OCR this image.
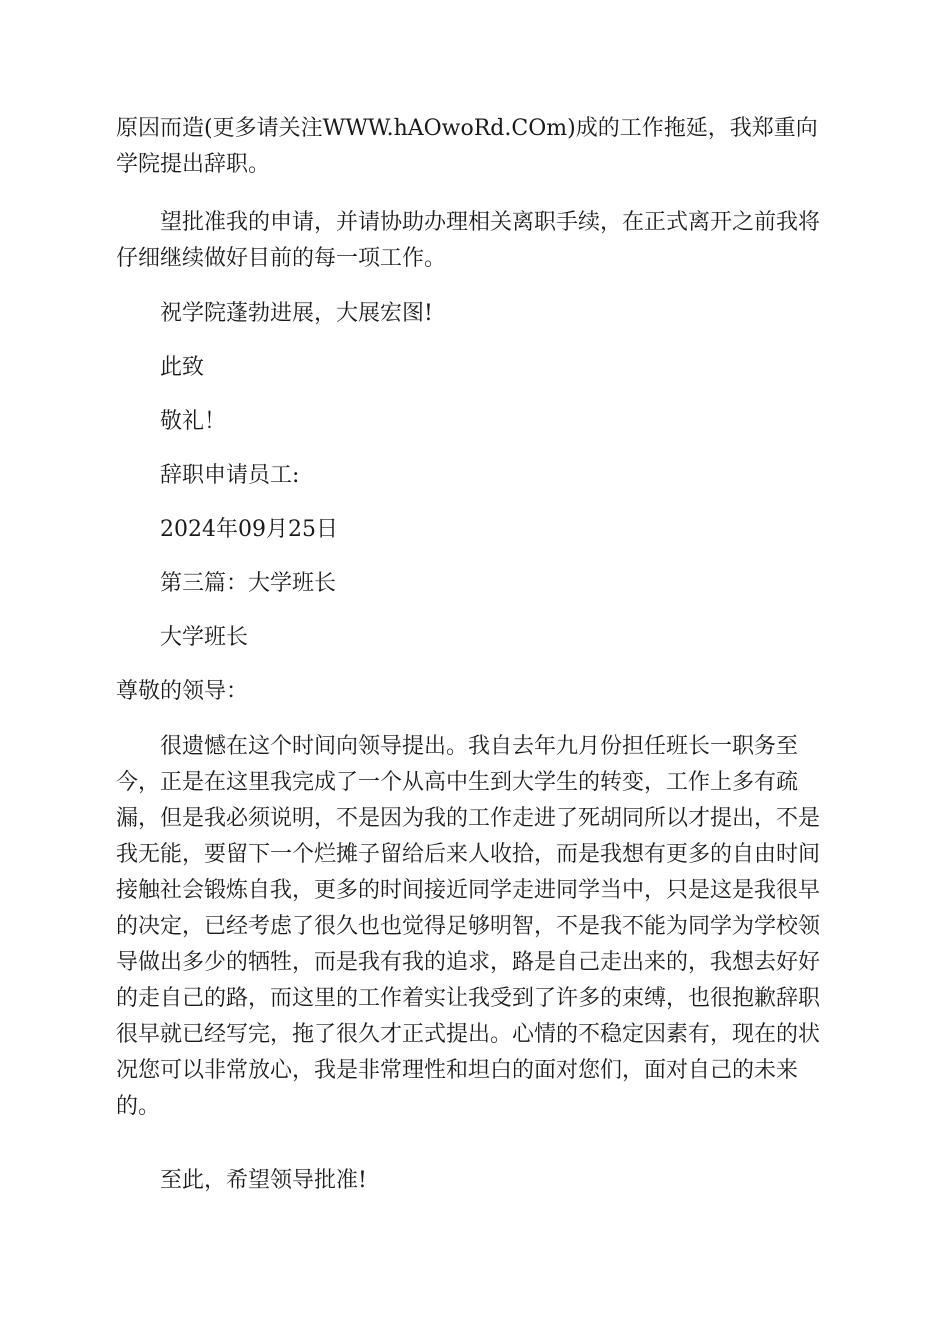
原因而造(更多请关注WWW.hAOwoRd.COm)成的工作拖延，我郑重向学院提出辞职。

望批准我的申请，并请协助办理相关离职手续，在正式离开之前我将仔细继续做好目前的每一项工作。

祝学院蓬勃进展，大展宏图!

此致

敬礼！

辞职申请员工:

2024年09月25日

第三篇：大学班长

大学班长

尊敬的领导：

很遗憾在这个时间向领导提出。我自去年九月份担任班长一职务至今，正是在这里我完成了一个从高中生到大学生的转变，工作上多有疏漏，但是我必须说明，不是因为我的工作走进了死胡同所以才提出，不是我无能，要留下一个烂摊子留给后来人收拾，而是我想有更多的自由时间接触社会锻炼自我，更多的时间接近同学走进同学当中，只是这是我很早的决定，已经考虑了很久也也觉得足够明智，不是我不能为同学为学校领导做出多少的牺牲，而是我有我的追求，路是自己走出来的，我想去好好的走自己的路，而这里的工作着实让我受到了许多的束缚，也很抱歉辞职很早就已经写完，拖了很久才正式提出。心情的不稳定因素有，现在的状况您可以非常放心，我是非常理性和坦白的面对您们，面对自己的未来的。

至此，希望领导批准!
